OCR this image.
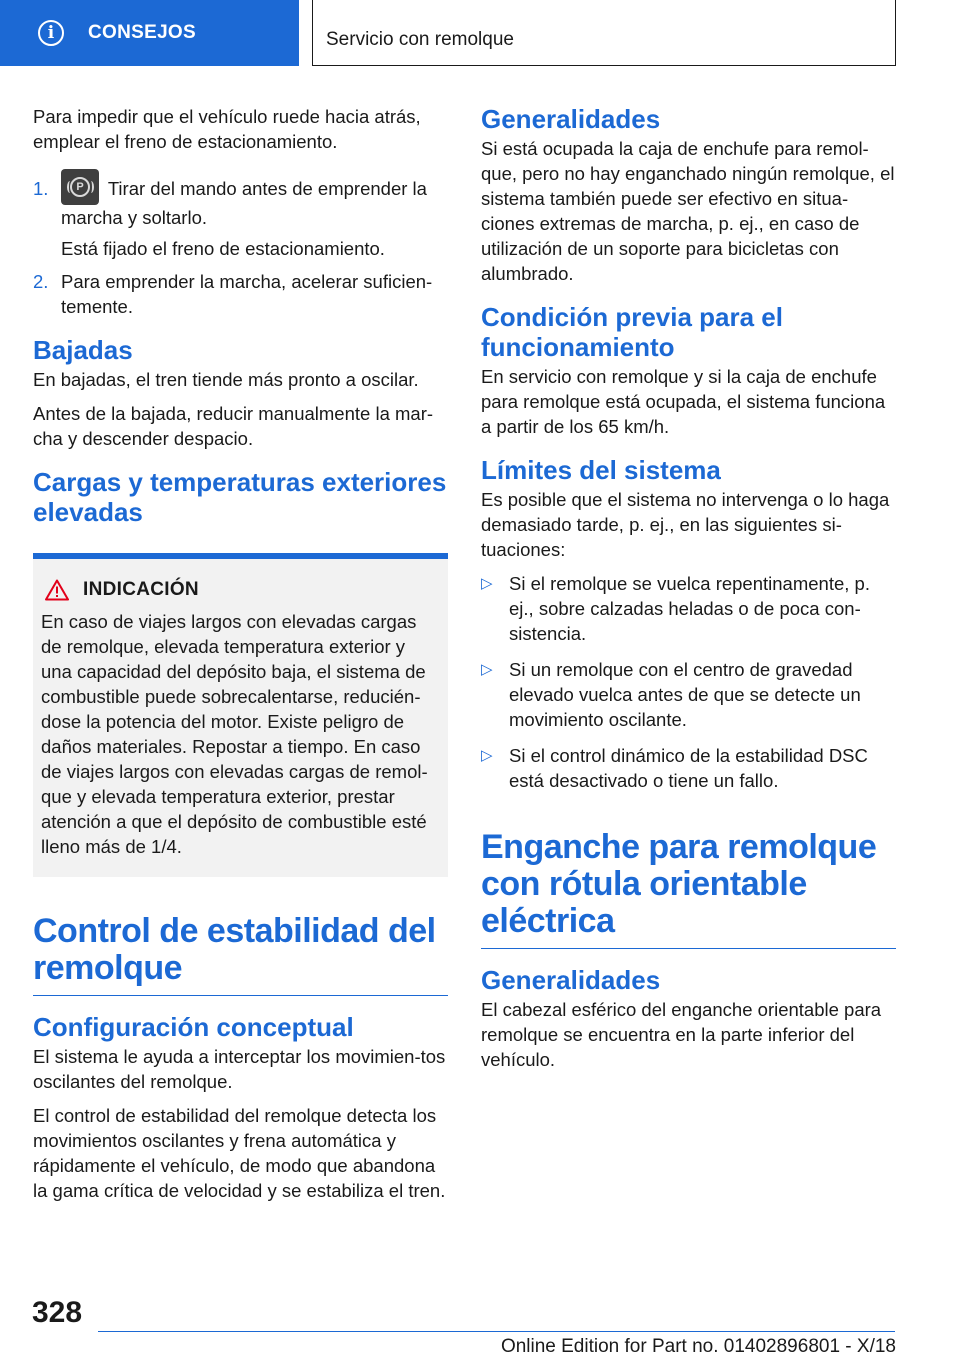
i	CONSEJOS	Servicio con remolque

Para impedir que el vehículo ruede hacia atrás, emplear el freno de estacionamiento.

1.	P Tirar del mando antes de emprender la marcha y soltarlo.

Está fijado el freno de estacionamiento.

2. Para emprender la marcha, acelerar suficien-temente.

Bajadas

En bajadas, el tren tiende más pronto a oscilar.

Antes de la bajada, reducir manualmente la mar-cha y descender despacio.

Cargas y temperaturas exteriores elevadas
INDICACIÓN

En caso de viajes largos con elevadas cargas de remolque, elevada temperatura exterior y una capacidad del depósito baja, el sistema de combustible puede sobrecalentarse, reducién-dose la potencia del motor. Existe peligro de daños materiales. Repostar a tiempo. En caso de viajes largos con elevadas cargas de remol-que y elevada temperatura exterior, prestar atención a que el depósito de combustible esté lleno más de 1/4.

Control de estabilidad del remolque
Configuración conceptual

El sistema le ayuda a interceptar los movimien-tos oscilantes del remolque.

El control de estabilidad del remolque detecta los movimientos oscilantes y frena automática y rápidamente el vehículo, de modo que abandona la gama crítica de velocidad y se estabiliza el tren.

Generalidades

Si está ocupada la caja de enchufe para remol-que, pero no hay enganchado ningún remolque, el sistema también puede ser efectivo en situa-ciones extremas de marcha, p. ej., en caso de utilización de un soporte para bicicletas con alumbrado.

Condición previa para el funcionamiento

En servicio con remolque y si la caja de enchufe para remolque está ocupada, el sistema funciona a partir de los 65 km/h.

Límites del sistema

Es posible que el sistema no intervenga o lo haga demasiado tarde, p. ej., en las siguientes si-tuaciones:

▷ Si el remolque se vuelca repentinamente, p. ej., sobre calzadas heladas o de poca con-sistencia.

▷ Si un remolque con el centro de gravedad elevado vuelca antes de que se detecte un movimiento oscilante.

▷ Si el control dinámico de la estabilidad DSC está desactivado o tiene un fallo.

Enganche para remolque con rótula orientable eléctrica
Generalidades

El cabezal esférico del enganche orientable para remolque se encuentra en la parte inferior del vehículo.

328
Online Edition for Part no. 01402896801 - X/18
